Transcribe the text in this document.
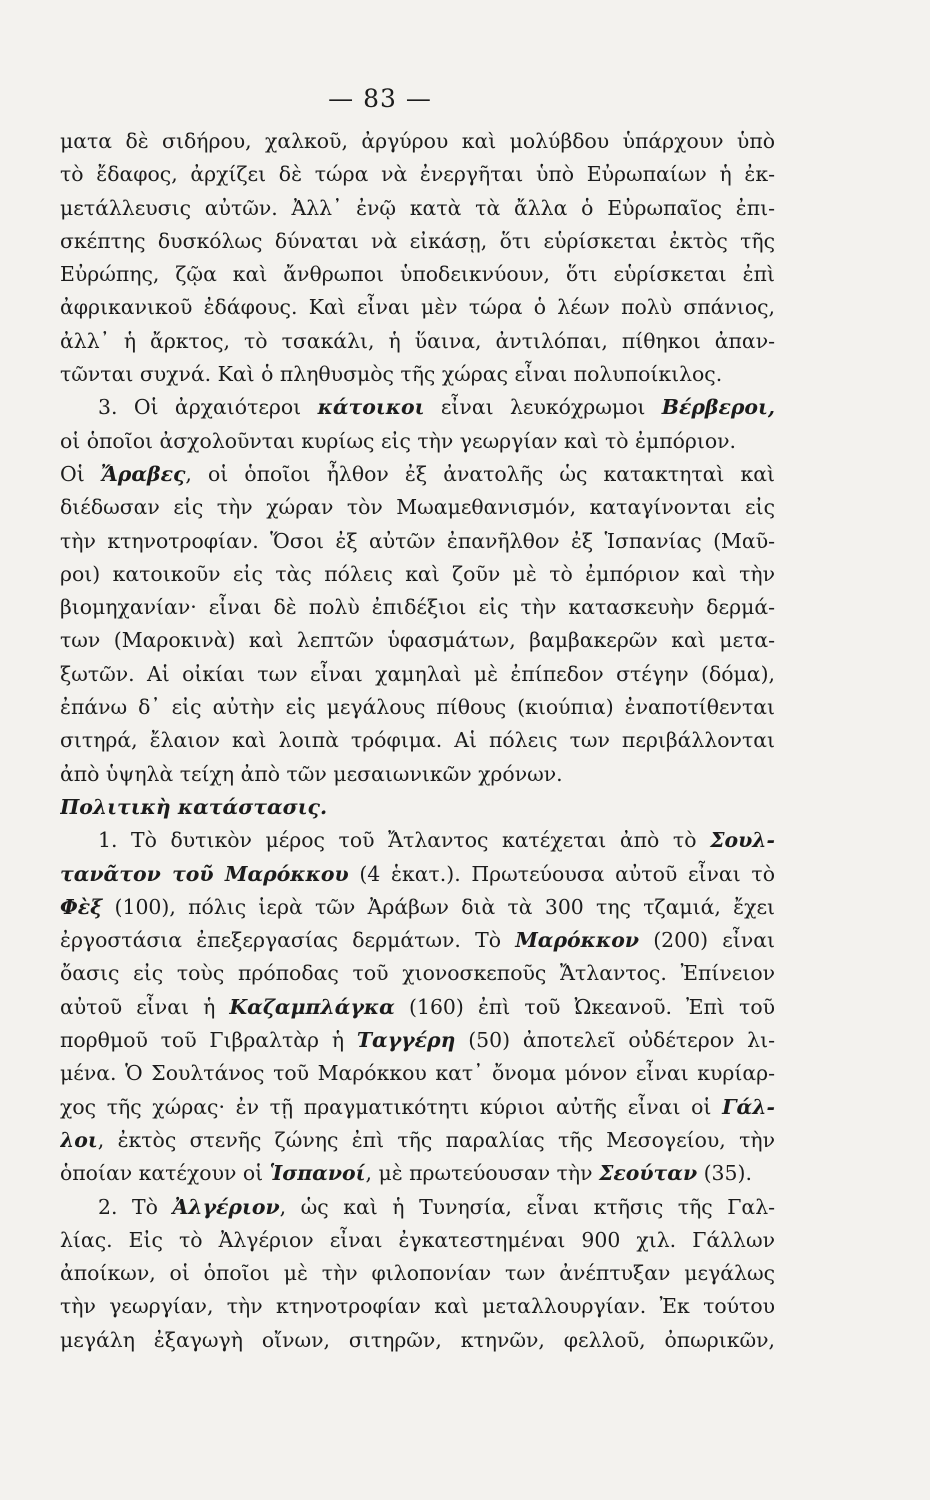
— 83 —
ματα δὲ σιδήρου, χαλκοῦ, ἀργύρου καὶ μολύβδου ὑπάρχουν ὑπὸ
τὸ ἔδαφος, ἀρχίζει δὲ τώρα νὰ ἐνεργῆται ὑπὸ Εὐρωπαίων ἡ ἐκ-
μετάλλευσις αὐτῶν. Ἀλλ᾽ ἐνῷ κατὰ τὰ ἄλλα ὁ Εὐρωπαῖος ἐπι-
σκέπτης δυσκόλως δύναται νὰ εἰκάσῃ, ὅτι εὑρίσκεται ἐκτὸς τῆς
Εὐρώπης, ζῷα καὶ ἄνθρωποι ὑποδεικνύουν, ὅτι εὑρίσκεται ἐπὶ
ἀφρικανικοῦ ἐδάφους. Καὶ εἶναι μὲν τώρα ὁ λέων πολὺ σπάνιος,
ἀλλ᾽ ἡ ἄρκτος, τὸ τσακάλι, ἡ ὕαινα, ἀντιλόπαι, πίθηκοι ἀπαν-
τῶνται συχνά. Καὶ ὁ πληθυσμὸς τῆς χώρας εἶναι πολυποίκιλος.
3. Οἱ ἀρχαιότεροι κάτοικοι εἶναι λευκόχρωμοι Βέρβεροι,
οἱ ὁποῖοι ἀσχολοῦνται κυρίως εἰς τὴν γεωργίαν καὶ τὸ ἐμπόριον.
Οἱ Ἄραβες, οἱ ὁποῖοι ἦλθον ἐξ ἀνατολῆς ὡς κατακτηταὶ καὶ
διέδωσαν εἰς τὴν χώραν τὸν Μωαμεθανισμόν, καταγίνονται εἰς
τὴν κτηνοτροφίαν. Ὅσοι ἐξ αὐτῶν ἐπανῆλθον ἐξ Ἱσπανίας (Μαῦ-
ροι) κατοικοῦν εἰς τὰς πόλεις καὶ ζοῦν μὲ τὸ ἐμπόριον καὶ τὴν
βιομηχανίαν· εἶναι δὲ πολὺ ἐπιδέξιοι εἰς τὴν κατασκευὴν δερμά-
των (Μαροκινὰ) καὶ λεπτῶν ὑφασμάτων, βαμβακερῶν καὶ μετα-
ξωτῶν. Αἱ οἰκίαι των εἶναι χαμηλαὶ μὲ ἐπίπεδον στέγην (δόμα),
ἐπάνω δ᾽ εἰς αὐτὴν εἰς μεγάλους πίθους (κιούπια) ἐναποτίθενται
σιτηρά, ἔλαιον καὶ λοιπὰ τρόφιμα. Αἱ πόλεις των περιβάλλονται
ἀπὸ ὑψηλὰ τείχη ἀπὸ τῶν μεσαιωνικῶν χρόνων.
Πολιτικὴ κατάστασις.
1. Τὸ δυτικὸν μέρος τοῦ Ἄτλαντος κατέχεται ἀπὸ τὸ Σουλ-
τανᾶτον τοῦ Μαρόκκου (4 ἑκατ.). Πρωτεύουσα αὐτοῦ εἶναι τὸ
Φὲξ (100), πόλις ἱερὰ τῶν Ἀράβων διὰ τὰ 300 της τζαμιά, ἔχει
ἐργοστάσια ἐπεξεργασίας δερμάτων. Τὸ Μαρόκκον (200) εἶναι
ὄασις εἰς τοὺς πρόποδας τοῦ χιονοσκεποῦς Ἄτλαντος. Ἐπίνειον
αὐτοῦ εἶναι ἡ Καζαμπλάγκα (160) ἐπὶ τοῦ Ὠκεανοῦ. Ἐπὶ τοῦ
πορθμοῦ τοῦ Γιβραλτὰρ ἡ Ταγγέρη (50) ἀποτελεῖ οὐδέτερον λι-
μένα. Ὁ Σουλτάνος τοῦ Μαρόκκου κατ᾽ ὄνομα μόνον εἶναι κυρίαρ-
χος τῆς χώρας· ἐν τῇ πραγματικότητι κύριοι αὐτῆς εἶναι οἱ Γάλ-
λοι, ἐκτὸς στενῆς ζώνης ἐπὶ τῆς παραλίας τῆς Μεσογείου, τὴν
ὁποίαν κατέχουν οἱ Ἱσπανοί, μὲ πρωτεύουσαν τὴν Σεούταν (35).
2. Τὸ Ἀλγέριον, ὡς καὶ ἡ Τυνησία, εἶναι κτῆσις τῆς Γαλ-
λίας. Εἰς τὸ Ἀλγέριον εἶναι ἐγκατεστημέναι 900 χιλ. Γάλλων
ἀποίκων, οἱ ὁποῖοι μὲ τὴν φιλοπονίαν των ἀνέπτυξαν μεγάλως
τὴν γεωργίαν, τὴν κτηνοτροφίαν καὶ μεταλλουργίαν. Ἐκ τούτου
μεγάλη ἐξαγωγὴ οἴνων, σιτηρῶν, κτηνῶν, φελλοῦ, ὀπωρικῶν,
